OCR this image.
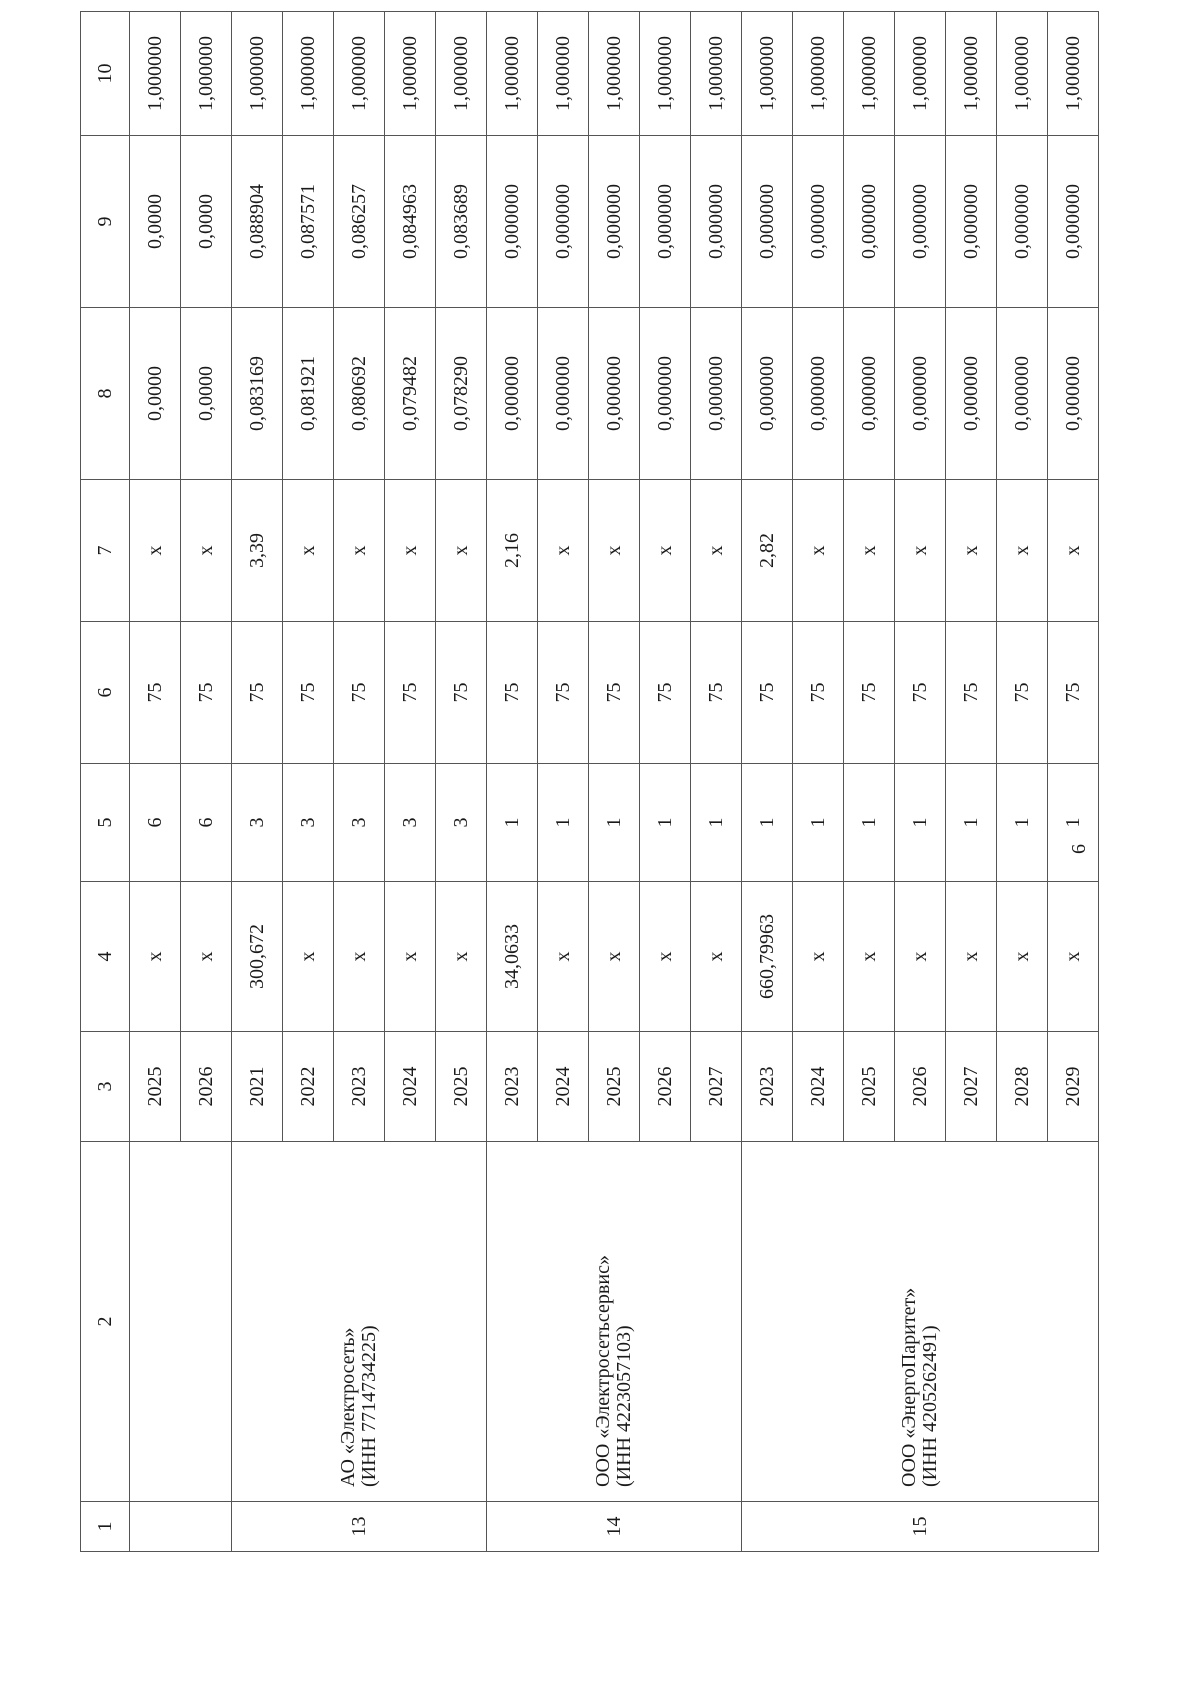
1	2	3	4	5	6	7	8	9	10
		2025	x	6	75	x	0,0000	0,0000	1,000000
		2026	x	6	75	x	0,0000	0,0000	1,000000
13	АО «Электросеть» (ИНН 7714734225)	2021	300,672	3	75	3,39	0,083169	0,088904	1,000000
		2022	x	3	75	x	0,081921	0,087571	1,000000
		2023	x	3	75	x	0,080692	0,086257	1,000000
		2024	x	3	75	x	0,079482	0,084963	1,000000
		2025	x	3	75	x	0,078290	0,083689	1,000000
14	ООО «Электросетьсервис» (ИНН 4223057103)	2023	34,0633	1	75	2,16	0,000000	0,000000	1,000000
		2024	x	1	75	x	0,000000	0,000000	1,000000
		2025	x	1	75	x	0,000000	0,000000	1,000000
		2026	x	1	75	x	0,000000	0,000000	1,000000
		2027	x	1	75	x	0,000000	0,000000	1,000000
15	ООО «ЭнергоПаритет» (ИНН 4205262491)	2023	660,79963	1	75	2,82	0,000000	0,000000	1,000000
		2024	x	1	75	x	0,000000	0,000000	1,000000
		2025	x	1	75	x	0,000000	0,000000	1,000000
		2026	x	1	75	x	0,000000	0,000000	1,000000
		2027	x	1	75	x	0,000000	0,000000	1,000000
		2028	x	1	75	x	0,000000	0,000000	1,000000
		2029	x	1	75	x	0,000000	0,000000	1,000000
6
